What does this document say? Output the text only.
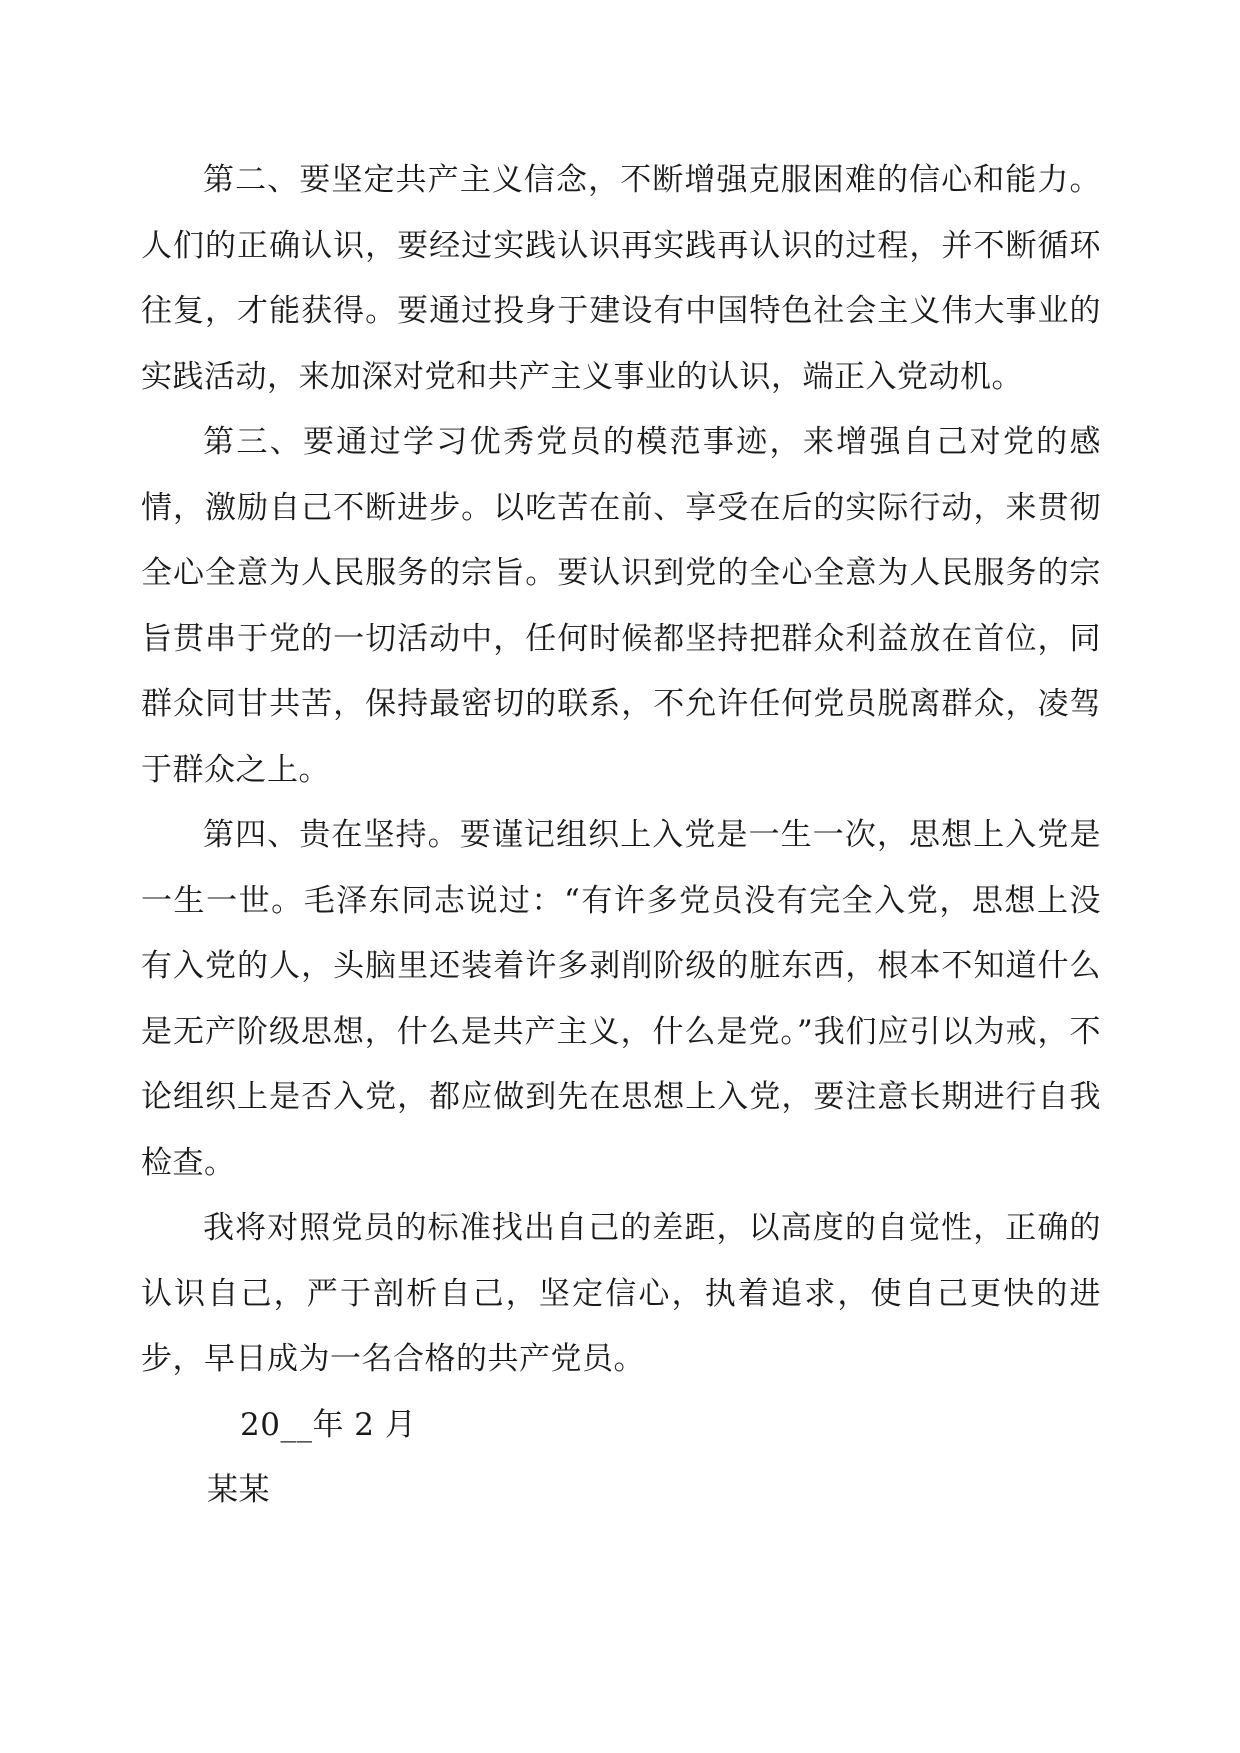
第二、要坚定共产主义信念，不断增强克服困难的信心和能力。人们的正确认识，要经过实践认识再实践再认识的过程，并不断循环往复，才能获得。要通过投身于建设有中国特色社会主义伟大事业的实践活动，来加深对党和共产主义事业的认识，端正入党动机。

第三、要通过学习优秀党员的模范事迹，来增强自己对党的感情，激励自己不断进步。以吃苦在前、享受在后的实际行动，来贯彻全心全意为人民服务的宗旨。要认识到党的全心全意为人民服务的宗旨贯串于党的一切活动中，任何时候都坚持把群众利益放在首位，同群众同甘共苦，保持最密切的联系，不允许任何党员脱离群众，凌驾于群众之上。

第四、贵在坚持。要谨记组织上入党是一生一次，思想上入党是一生一世。毛泽东同志说过：“有许多党员没有完全入党，思想上没有入党的人，头脑里还装着许多剥削阶级的脏东西，根本不知道什么是无产阶级思想，什么是共产主义，什么是党。”我们应引以为戒，不论组织上是否入党，都应做到先在思想上入党，要注意长期进行自我检查。

我将对照党员的标准找出自己的差距，以高度的自觉性，正确的认识自己，严于剖析自己，坚定信心，执着追求，使自己更快的进步，早日成为一名合格的共产党员。

20__年 2 月

某某
